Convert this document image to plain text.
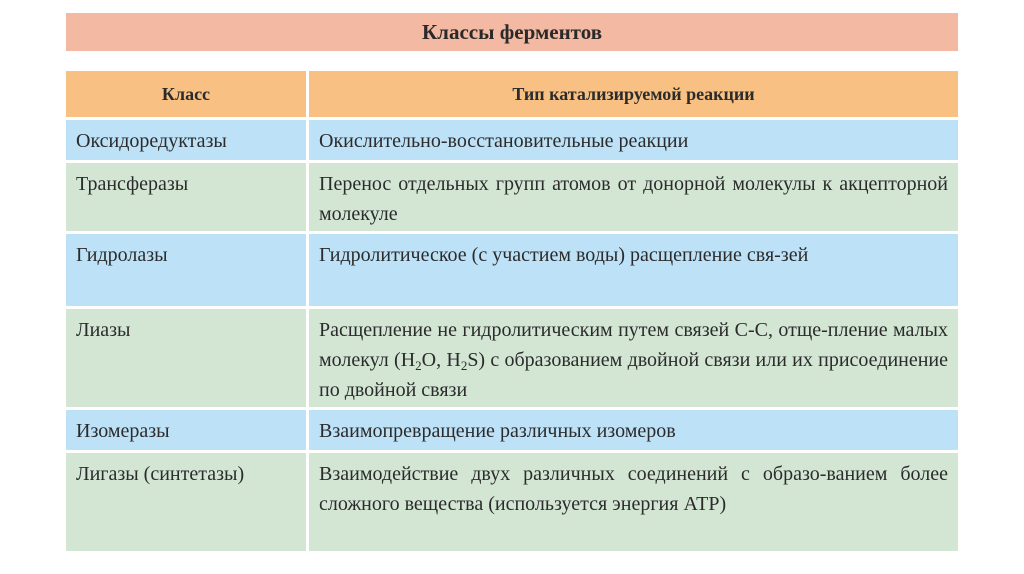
Классы ферментов
Класс	Тип катализируемой реакции
Оксидоредуктазы	Окислительно-восстановительные реакции
Трансферазы	Перенос отдельных групп атомов от донорной молекулы к акцепторной молекуле
Гидролазы	Гидролитическое (с участием воды) расщепление свя-зей
Лиазы	Расщепление не гидролитическим путем связей С-С, отще-пление малых молекул ($H_2O$, $H_2S$) с образованием двойной связи или их присоединение по двойной связи
Изомеразы	Взаимопревращение различных изомеров
Лигазы (синтетазы)	Взаимодействие двух различных соединений с образо-ванием более сложного вещества (используется энергия АТР)
